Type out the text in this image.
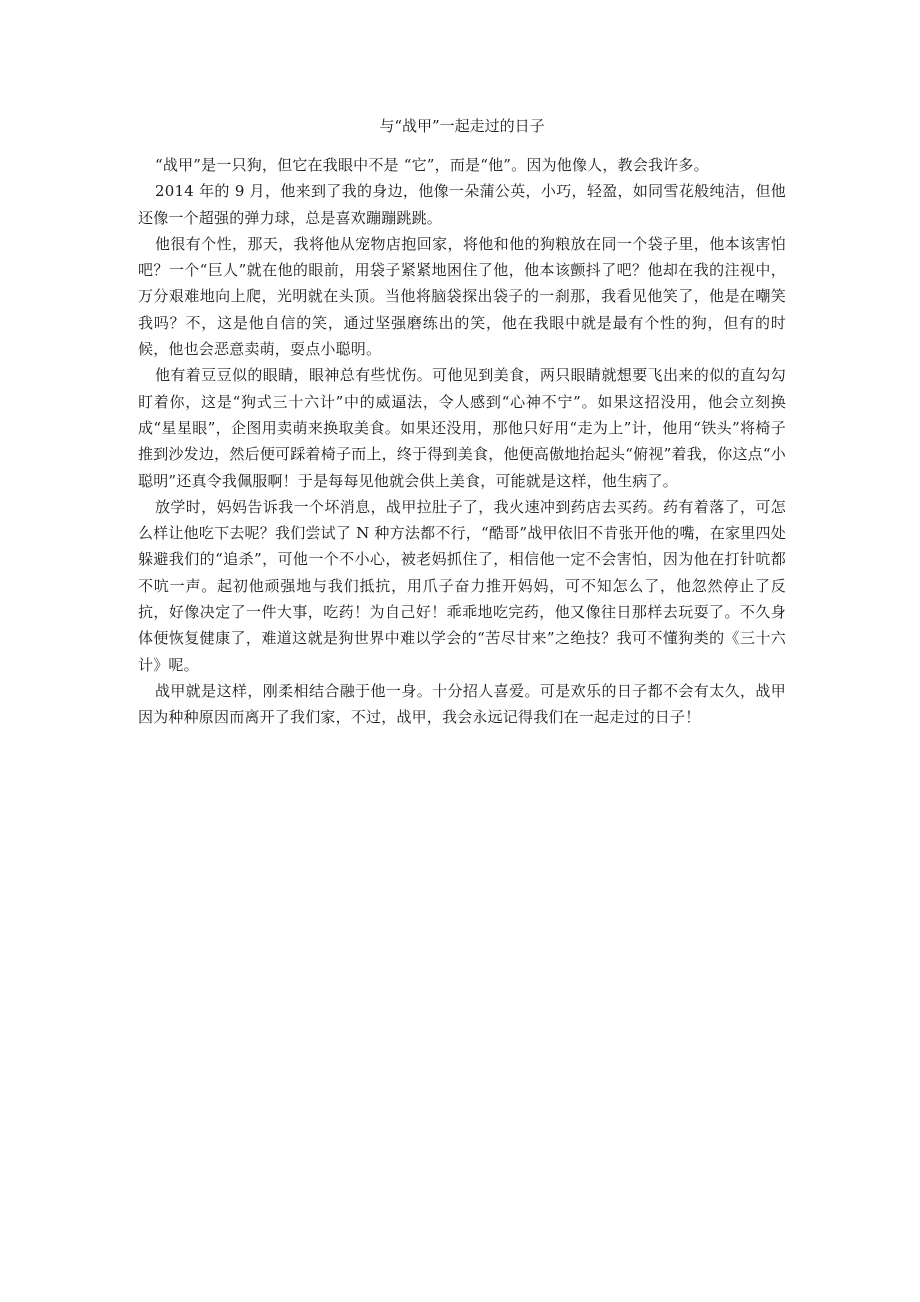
与“战甲”一起走过的日子

“战甲”是一只狗，但它在我眼中不是 “它”，而是“他”。因为他像人，教会我许多。

2014 年的 9 月，他来到了我的身边，他像一朵蒲公英，小巧，轻盈，如同雪花般纯洁，但他还像一个超强的弹力球，总是喜欢蹦蹦跳跳。

他很有个性，那天，我将他从宠物店抱回家，将他和他的狗粮放在同一个袋子里，他本该害怕吧？一个“巨人”就在他的眼前，用袋子紧紧地困住了他，他本该颤抖了吧？他却在我的注视中，万分艰难地向上爬，光明就在头顶。当他将脑袋探出袋子的一刹那，我看见他笑了，他是在嘲笑我吗？不，这是他自信的笑，通过坚强磨练出的笑，他在我眼中就是最有个性的狗，但有的时候，他也会恶意卖萌，耍点小聪明。

他有着豆豆似的眼睛，眼神总有些忧伤。可他见到美食，两只眼睛就想要飞出来的似的直勾勾盯着你，这是“狗式三十六计”中的威逼法，令人感到“心神不宁”。如果这招没用，他会立刻换成“星星眼”，企图用卖萌来换取美食。如果还没用，那他只好用“走为上”计，他用“铁头”将椅子推到沙发边，然后便可踩着椅子而上，终于得到美食，他便高傲地抬起头“俯视”着我，你这点“小聪明”还真令我佩服啊！于是每每见他就会供上美食，可能就是这样，他生病了。

放学时，妈妈告诉我一个坏消息，战甲拉肚子了，我火速冲到药店去买药。药有着落了，可怎么样让他吃下去呢？我们尝试了 N 种方法都不行，“酷哥”战甲依旧不肯张开他的嘴，在家里四处躲避我们的“追杀”，可他一个不小心，被老妈抓住了，相信他一定不会害怕，因为他在打针吭都不吭一声。起初他顽强地与我们抵抗，用爪子奋力推开妈妈，可不知怎么了，他忽然停止了反抗，好像决定了一件大事，吃药！为自己好！乖乖地吃完药，他又像往日那样去玩耍了。不久身体便恢复健康了，难道这就是狗世界中难以学会的“苦尽甘来”之绝技？我可不懂狗类的《三十六计》呢。

战甲就是这样，刚柔相结合融于他一身。十分招人喜爱。可是欢乐的日子都不会有太久，战甲因为种种原因而离开了我们家，不过，战甲，我会永远记得我们在一起走过的日子！
